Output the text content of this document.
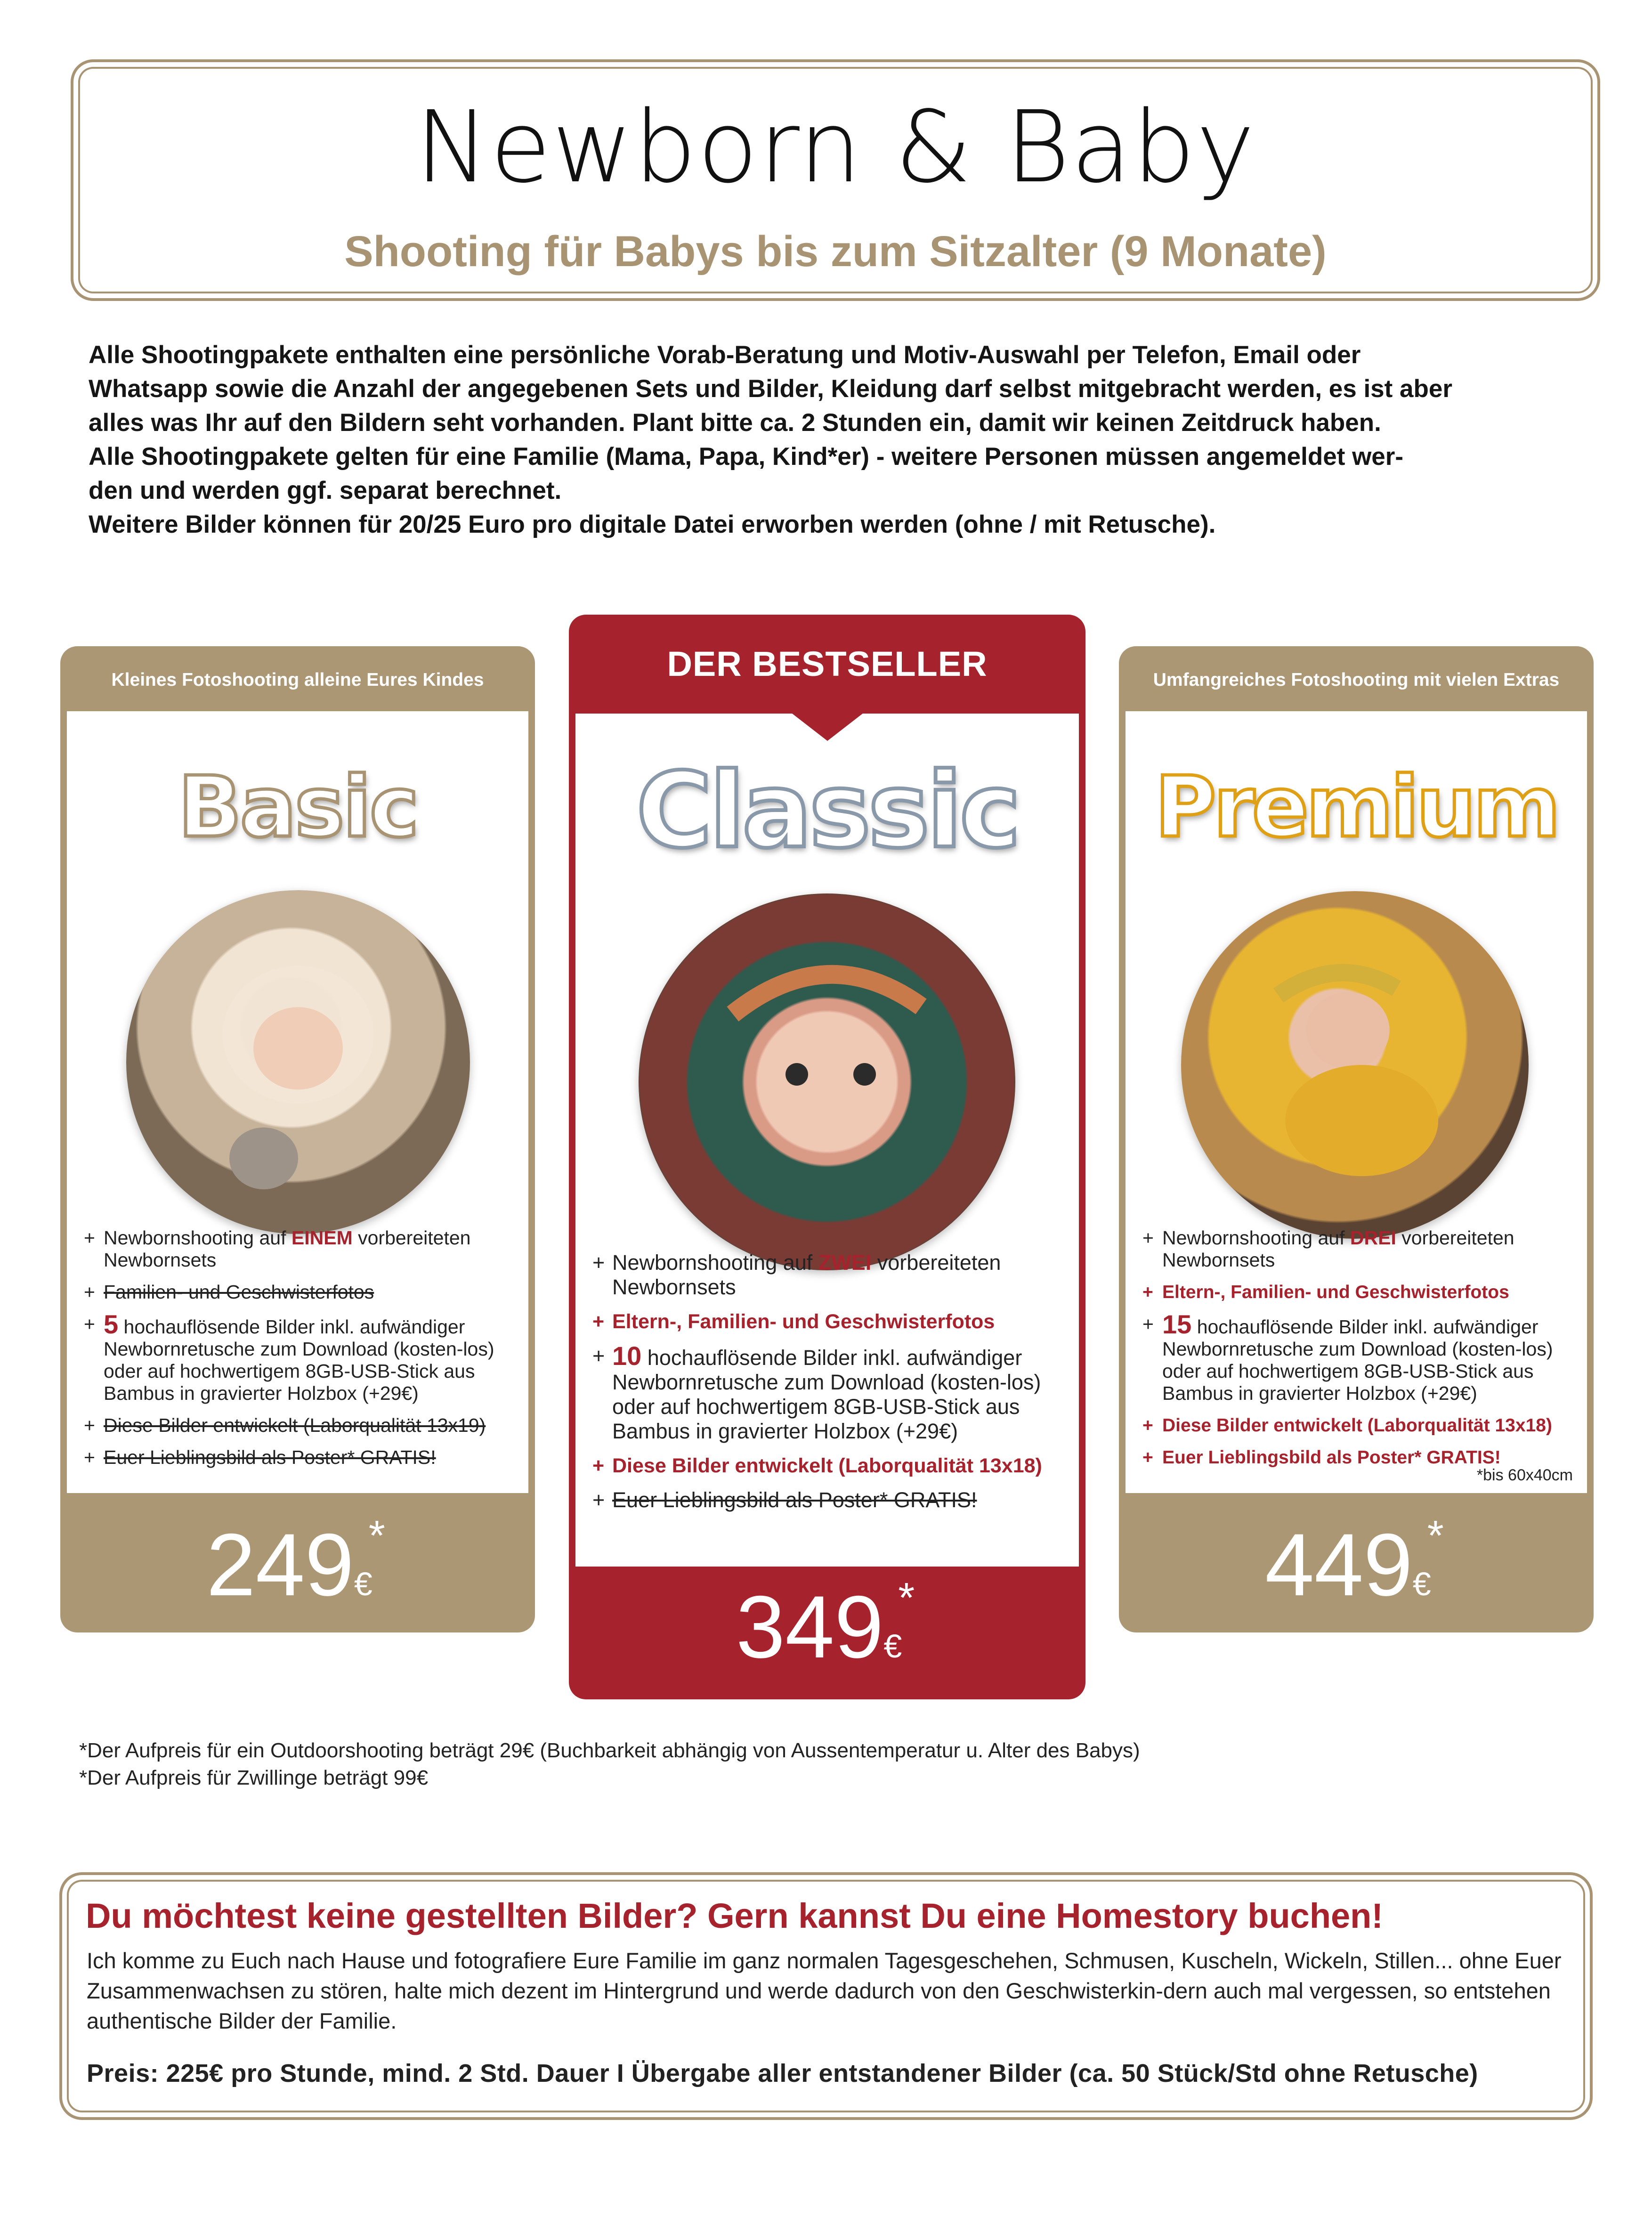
Newborn & Baby
Shooting für Babys bis zum Sitzalter (9 Monate)

Alle Shootingpakete enthalten eine persönliche Vorab-Beratung und Motiv-Auswahl per Telefon, Email oder

Whatsapp sowie die Anzahl der angegebenen Sets und Bilder, Kleidung darf selbst mitgebracht werden, es ist aber

alles was Ihr auf den Bildern seht vorhanden. Plant bitte ca. 2 Stunden ein, damit wir keinen Zeitdruck haben.

Alle Shootingpakete gelten für eine Familie (Mama, Papa, Kind*er) - weitere Personen müssen angemeldet wer-

den und werden ggf. separat berechnet.

Weitere Bilder können für 20/25 Euro pro digitale Datei erworben werden (ohne / mit Retusche).

Kleines Fotoshooting alleine Eures Kindes
Basic
+ Newbornshooting auf EINEM vorbereiteten Newbornsets
+ Familien- und Geschwisterfotos
+ 5 hochauflösende Bilder inkl. aufwändiger Newbornretusche zum Download (kosten-los) oder auf hochwertigem 8GB-USB-Stick aus Bambus in gravierter Holzbox (+29€)
+ Diese Bilder entwickelt (Laborqualität 13x19)
+ Euer Lieblingsbild als Poster* GRATIS!
249€*
DER BESTSELLER
Classic
+ Newbornshooting auf ZWEI vorbereiteten Newbornsets
+ Eltern-, Familien- und Geschwisterfotos
+ 10 hochauflösende Bilder inkl. aufwändiger Newbornretusche zum Download (kosten-los) oder auf hochwertigem 8GB-USB-Stick aus Bambus in gravierter Holzbox (+29€)
+ Diese Bilder entwickelt (Laborqualität 13x18)
+ Euer Lieblingsbild als Poster* GRATIS!
349€*
Umfangreiches Fotoshooting mit vielen Extras
Premium
+ Newbornshooting auf DREI vorbereiteten Newbornsets
+ Eltern-, Familien- und Geschwisterfotos
+ 15 hochauflösende Bilder inkl. aufwändiger Newbornretusche zum Download (kosten-los) oder auf hochwertigem 8GB-USB-Stick aus Bambus in gravierter Holzbox (+29€)
+ Diese Bilder entwickelt (Laborqualität 13x18)
+ Euer Lieblingsbild als Poster* GRATIS!
*bis 60x40cm
449€*

*Der Aufpreis für ein Outdoorshooting beträgt 29€ (Buchbarkeit abhängig von Aussentemperatur u. Alter des Babys)

*Der Aufpreis für Zwillinge beträgt 99€

Du möchtest keine gestellten Bilder? Gern kannst Du eine Homestory buchen!
Ich komme zu Euch nach Hause und fotografiere Eure Familie im ganz normalen Tagesgeschehen, Schmusen, Kuscheln, Wickeln, Stillen... ohne Euer Zusammenwachsen zu stören, halte mich dezent im Hintergrund und werde dadurch von den Geschwisterkin-dern auch mal vergessen, so entstehen authentische Bilder der Familie.
Preis: 225€ pro Stunde, mind. 2 Std. Dauer I Übergabe aller entstandener Bilder (ca. 50 Stück/Std ohne Retusche)
